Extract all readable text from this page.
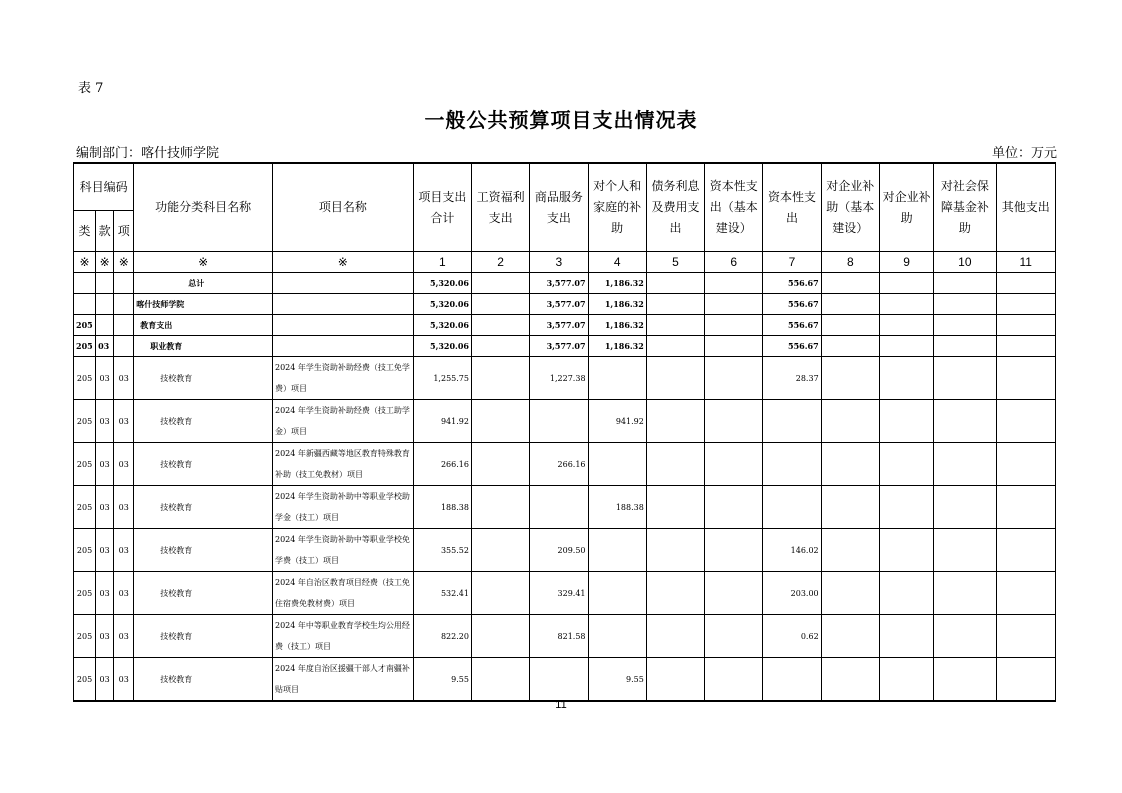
表 7
一般公共预算项目支出情况表
编制部门：喀什技师学院	单位：万元
科目编码			功能分类科目名称	项目名称	项目支出合计	工资福利支出	商品服务支出	对个人和家庭的补助	债务利息及费用支出	资本性支出（基本建设）	资本性支出	对企业补助（基本建设）	对企业补助	对社会保障基金补助	其他支出
类	款	项													
※	※	※	※	※	1	2	3	4	5	6	7	8	9	10	11
			总计		5,320.06		3,577.07	1,186.32			556.67				
			喀什技师学院		5,320.06		3,577.07	1,186.32			556.67				
205			教育支出		5,320.06		3,577.07	1,186.32			556.67				
205	03		职业教育		5,320.06		3,577.07	1,186.32			556.67				
205	03	03	技校教育	2024 年学生资助补助经费（技工免学费）项目	1,255.75		1,227.38				28.37				
205	03	03	技校教育	2024 年学生资助补助经费（技工助学金）项目	941.92			941.92							
205	03	03	技校教育	2024 年新疆西藏等地区教育特殊教育补助（技工免教材）项目	266.16		266.16								
205	03	03	技校教育	2024 年学生资助补助中等职业学校助学金（技工）项目	188.38			188.38							
205	03	03	技校教育	2024 年学生资助补助中等职业学校免学费（技工）项目	355.52		209.50				146.02				
205	03	03	技校教育	2024 年自治区教育项目经费（技工免住宿费免教材费）项目	532.41		329.41				203.00				
205	03	03	技校教育	2024 年中等职业教育学校生均公用经费（技工）项目	822.20		821.58				0.62				
205	03	03	技校教育	2024 年度自治区援疆干部人才南疆补贴项目	9.55			9.55							
11
